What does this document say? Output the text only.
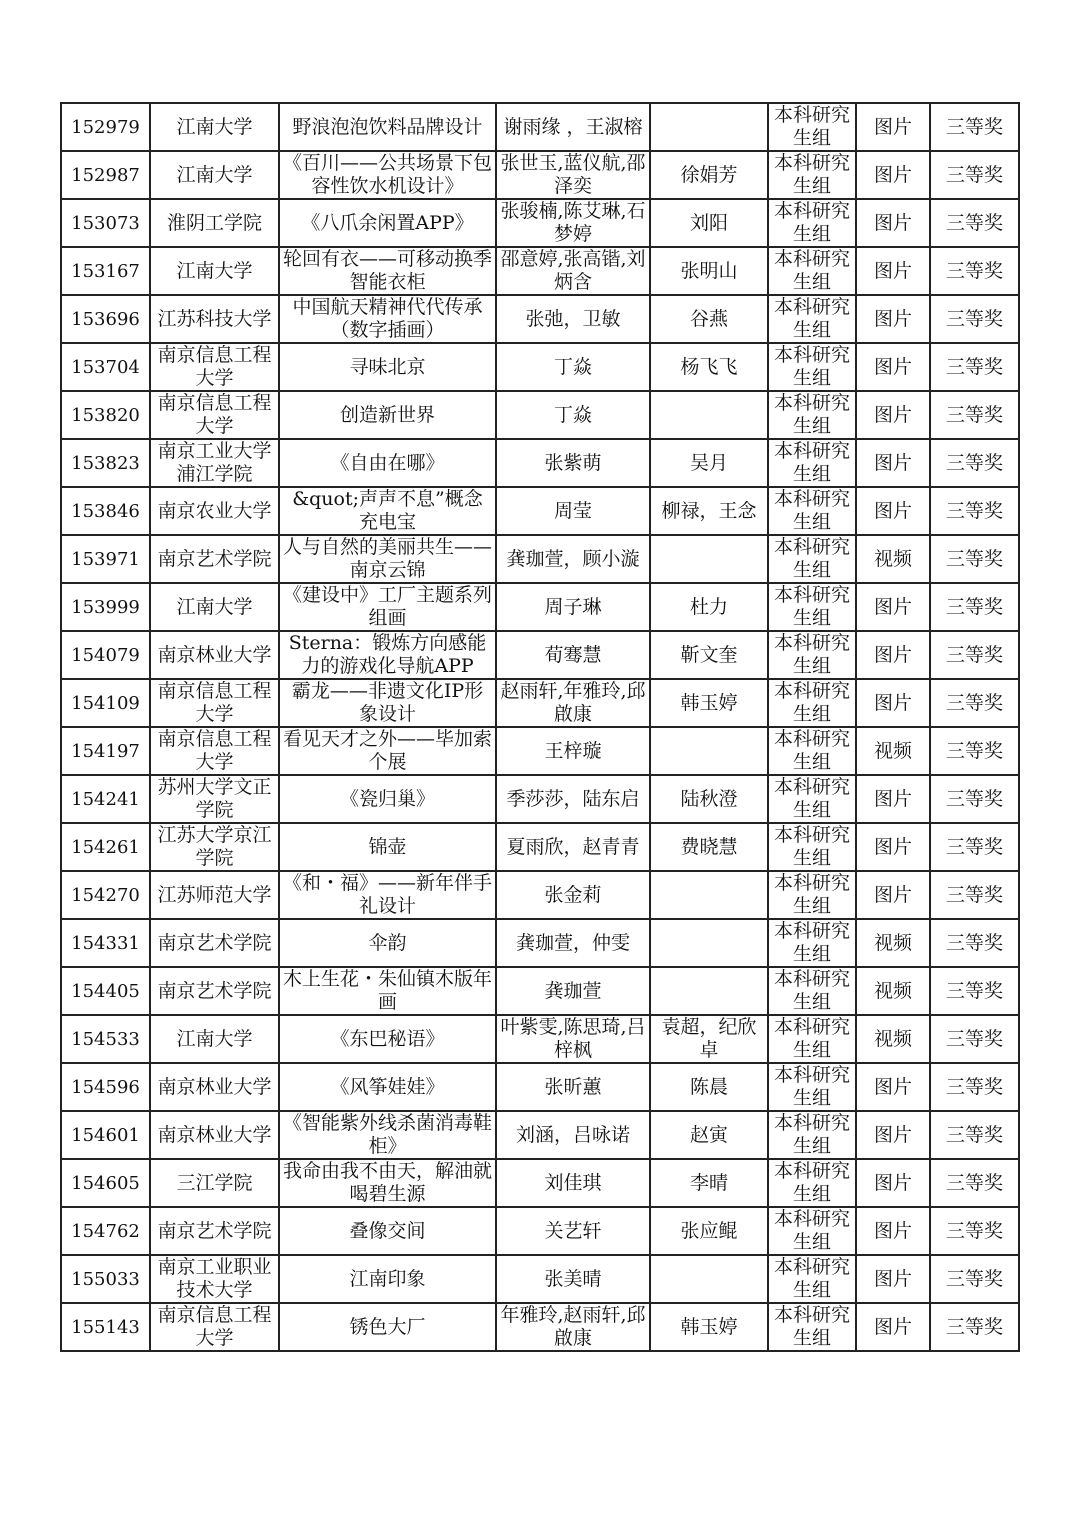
152979	江南大学	野浪泡泡饮料品牌设计	谢雨缘 ，王淑榕		本科研究生组	图片	三等奖
152987	江南大学	《百川——公共场景下包容性饮水机设计》	张世玉,蓝仪航,邵泽奕	徐娟芳	本科研究生组	图片	三等奖
153073	淮阴工学院	《八爪余闲置APP》	张骏楠,陈艾琳,石梦婷	刘阳	本科研究生组	图片	三等奖
153167	江南大学	轮回有衣——可移动换季智能衣柜	邵意婷,张高锴,刘炳含	张明山	本科研究生组	图片	三等奖
153696	江苏科技大学	中国航天精神代代传承（数字插画）	张弛，卫敏	谷燕	本科研究生组	图片	三等奖
153704	南京信息工程大学	寻味北京	丁焱	杨飞飞	本科研究生组	图片	三等奖
153820	南京信息工程大学	创造新世界	丁焱		本科研究生组	图片	三等奖
153823	南京工业大学浦江学院	《自由在哪》	张紫萌	吴月	本科研究生组	图片	三等奖
153846	南京农业大学	&quot;声声不息”概念充电宝	周莹	柳禄，王念	本科研究生组	图片	三等奖
153971	南京艺术学院	人与自然的美丽共生——南京云锦	龚珈萱，顾小漩		本科研究生组	视频	三等奖
153999	江南大学	《建设中》工厂主题系列组画	周子琳	杜力	本科研究生组	图片	三等奖
154079	南京林业大学	Sterna：锻炼方向感能力的游戏化导航APP	荀骞慧	靳文奎	本科研究生组	图片	三等奖
154109	南京信息工程大学	霸龙——非遗文化IP形象设计	赵雨轩,年雅玲,邱啟康	韩玉婷	本科研究生组	图片	三等奖
154197	南京信息工程大学	看见天才之外——毕加索个展	王梓璇		本科研究生组	视频	三等奖
154241	苏州大学文正学院	《瓷归巢》	季莎莎，陆东启	陆秋澄	本科研究生组	图片	三等奖
154261	江苏大学京江学院	锦壶	夏雨欣，赵青青	费晓慧	本科研究生组	图片	三等奖
154270	江苏师范大学	《和・福》——新年伴手礼设计	张金莉		本科研究生组	图片	三等奖
154331	南京艺术学院	伞韵	龚珈萱，仲雯		本科研究生组	视频	三等奖
154405	南京艺术学院	木上生花・朱仙镇木版年画	龚珈萱		本科研究生组	视频	三等奖
154533	江南大学	《东巴秘语》	叶紫雯,陈思琦,吕梓枫	袁超，纪欣卓	本科研究生组	视频	三等奖
154596	南京林业大学	《风筝娃娃》	张昕蕙	陈晨	本科研究生组	图片	三等奖
154601	南京林业大学	《智能紫外线杀菌消毒鞋柜》	刘涵，吕咏诺	赵寅	本科研究生组	图片	三等奖
154605	三江学院	我命由我不由天，解油就喝碧生源	刘佳琪	李晴	本科研究生组	图片	三等奖
154762	南京艺术学院	叠像交间	关艺轩	张应鲲	本科研究生组	图片	三等奖
155033	南京工业职业技术大学	江南印象	张美晴		本科研究生组	图片	三等奖
155143	南京信息工程大学	锈色大厂	年雅玲,赵雨轩,邱啟康	韩玉婷	本科研究生组	图片	三等奖
